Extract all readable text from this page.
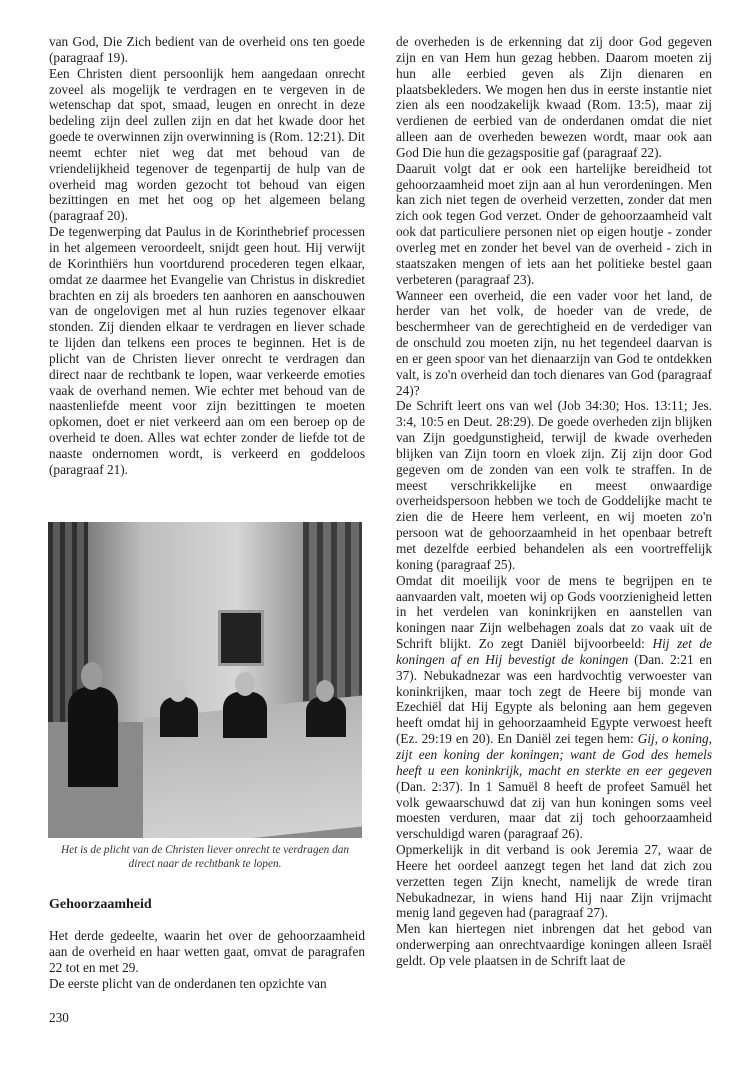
van God, Die Zich bedient van de overheid ons ten goede (paragraaf 19).

Een Christen dient persoonlijk hem aangedaan onrecht zoveel als mogelijk te verdragen en te vergeven in de wetenschap dat spot, smaad, leugen en onrecht in deze bedeling zijn deel zullen zijn en dat het kwade door het goede te overwinnen zijn overwinning is (Rom. 12:21). Dit neemt echter niet weg dat met behoud van de vriendelijkheid tegenover de tegenpartij de hulp van de overheid mag worden gezocht tot behoud van eigen bezittingen en met het oog op het algemeen belang (paragraaf 20).

De tegenwerping dat Paulus in de Korinthebrief processen in het algemeen veroordeelt, snijdt geen hout. Hij verwijt de Korinthiërs hun voortdurend procederen tegen elkaar, omdat ze daarmee het Evangelie van Christus in diskrediet brachten en zij als broeders ten aanhoren en aanschouwen van de ongelovigen met al hun ruzies tegenover elkaar stonden. Zij dienden elkaar te verdragen en liever schade te lijden dan telkens een proces te beginnen. Het is de plicht van de Christen liever onrecht te verdragen dan direct naar de rechtbank te lopen, waar verkeerde emoties vaak de overhand nemen. Wie echter met behoud van de naastenliefde meent voor zijn bezittingen te moeten opkomen, doet er niet verkeerd aan om een beroep op de overheid te doen. Alles wat echter zonder de liefde tot de naaste ondernomen wordt, is verkeerd en goddeloos (paragraaf 21).

Het is de plicht van de Christen liever onrecht te verdragen dan direct naar de rechtbank te lopen.
Gehoorzaamheid

Het derde gedeelte, waarin het over de gehoorzaamheid aan de overheid en haar wetten gaat, omvat de paragrafen 22 tot en met 29.

De eerste plicht van de onderdanen ten opzichte van

230

de overheden is de erkenning dat zij door God gegeven zijn en van Hem hun gezag hebben. Daarom moeten zij hun alle eerbied geven als Zijn dienaren en plaatsbekleders. We mogen hen dus in eerste instantie niet zien als een noodzakelijk kwaad (Rom. 13:5), maar zij verdienen de eerbied van de onderdanen omdat die niet alleen aan de overheden bewezen wordt, maar ook aan God Die hun die gezagspositie gaf (paragraaf 22).

Daaruit volgt dat er ook een hartelijke bereidheid tot gehoorzaamheid moet zijn aan al hun verordeningen. Men kan zich niet tegen de overheid verzetten, zonder dat men zich ook tegen God verzet. Onder de gehoorzaamheid valt ook dat particuliere personen niet op eigen houtje - zonder overleg met en zonder het bevel van de overheid - zich in staatszaken mengen of iets aan het politieke bestel gaan verbeteren (paragraaf 23).

Wanneer een overheid, die een vader voor het land, de herder van het volk, de hoeder van de vrede, de beschermheer van de gerechtigheid en de verdediger van de onschuld zou moeten zijn, nu het tegendeel daarvan is en er geen spoor van het dienaarzijn van God te ontdekken valt, is zo'n overheid dan toch dienares van God (paragraaf 24)?

De Schrift leert ons van wel (Job 34:30; Hos. 13:11; Jes. 3:4, 10:5 en Deut. 28:29). De goede overheden zijn blijken van Zijn goedgunstigheid, terwijl de kwade overheden blijken van Zijn toorn en vloek zijn. Zij zijn door God gegeven om de zonden van een volk te straffen. In de meest verschrikkelijke en meest onwaardige overheidspersoon hebben we toch de Goddelijke macht te zien die de Heere hem verleent, en wij moeten zo'n persoon wat de gehoorzaamheid in het openbaar betreft met dezelfde eerbied behandelen als een voortreffelijk koning (paragraaf 25).

Omdat dit moeilijk voor de mens te begrijpen en te aanvaarden valt, moeten wij op Gods voorzienigheid letten in het verdelen van koninkrijken en aanstellen van koningen naar Zijn welbehagen zoals dat zo vaak uit de Schrift blijkt. Zo zegt Daniël bijvoorbeeld: Hij zet de koningen af en Hij bevestigt de koningen (Dan. 2:21 en 37). Nebukadnezar was een hardvochtig verwoester van koninkrijken, maar toch zegt de Heere bij monde van Ezechiël dat Hij Egypte als beloning aan hem gegeven heeft omdat hij in gehoorzaamheid Egypte verwoest heeft (Ez. 29:19 en 20). En Daniël zei tegen hem: Gij, o koning, zijt een koning der koningen; want de God des hemels heeft u een koninkrijk, macht en sterkte en eer gegeven (Dan. 2:37). In 1 Samuël 8 heeft de profeet Samuël het volk gewaarschuwd dat zij van hun koningen soms veel moesten verduren, maar dat zij toch gehoorzaamheid verschuldigd waren (paragraaf 26).

Opmerkelijk in dit verband is ook Jeremia 27, waar de Heere het oordeel aanzegt tegen het land dat zich zou verzetten tegen Zijn knecht, namelijk de wrede tiran Nebukadnezar, in wiens hand Hij naar Zijn vrijmacht menig land gegeven had (paragraaf 27).

Men kan hiertegen niet inbrengen dat het gebod van onderwerping aan onrechtvaardige koningen alleen Israël geldt. Op vele plaatsen in de Schrift laat de
